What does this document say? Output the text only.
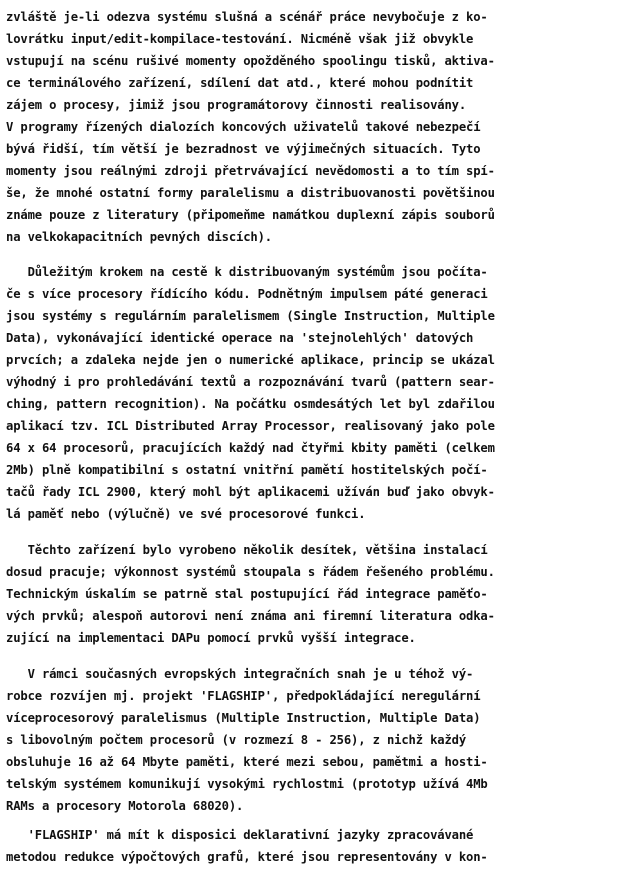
zvláště je-li odezva systému slušná a scénář práce nevybočuje z ko-
lovrátku input/edit-kompilace-testování. Nicméně však již obvykle
vstupují na scénu rušivé momenty opožděného spoolingu tisků, aktiva-
ce terminálového zařízení, sdílení dat atd., které mohou podnítit
zájem o procesy, jimiž jsou programátorovy činnosti realisovány.
V programy řízených dialozích koncových uživatelů takové nebezpečí
bývá řidší, tím větší je bezradnost ve výjimečných situacích. Tyto
momenty jsou reálnými zdroji přetrvávající nevědomosti a to tím spí-
še, že mnohé ostatní formy paralelismu a distribuovanosti povětšinou
známe pouze z literatury (připomeňme namátkou duplexní zápis souborů
na velkokapacitních pevných discích).
Důležitým krokem na cestě k distribuovaným systémům jsou počíta-
če s více procesory řídícího kódu. Podnětným impulsem páté generaci
jsou systémy s regulárním paralelismem (Single Instruction, Multiple
Data), vykonávající identické operace na 'stejnolehlých' datových
prvcích; a zdaleka nejde jen o numerické aplikace, princip se ukázal
výhodný i pro prohledávání textů a rozpoznávání tvarů (pattern sear-
ching, pattern recognition). Na počátku osmdesátých let byl zdařilou
aplikací tzv. ICL Distributed Array Processor, realisovaný jako pole
64 x 64 procesorů, pracujících každý nad čtyřmi kbity paměti (celkem
2Mb) plně kompatibilní s ostatní vnitřní pamětí hostitelských počí-
tačů řady ICL 2900, který mohl být aplikacemi užíván buď jako obvyk-
lá paměť nebo (výlučně) ve své procesorové funkci.
Těchto zařízení bylo vyrobeno několik desítek, většina instalací
dosud pracuje; výkonnost systémů stoupala s řádem řešeného problému.
Technickým úskalím se patrně stal postupující řád integrace paměťo-
vých prvků; alespoň autorovi není známa ani firemní literatura odka-
zující na implementaci DAPu pomocí prvků vyšší integrace.
V rámci současných evropských integračních snah je u téhož vý-
robce rozvíjen mj. projekt 'FLAGSHIP', předpokládající neregulární
víceprocesorový paralelismus (Multiple Instruction, Multiple Data)
s libovolným počtem procesorů (v rozmezí 8 - 256), z nichž každý
obsluhuje 16 až 64 Mbyte paměti, které mezi sebou, pamětmi a hosti-
telským systémem komunikují vysokými rychlostmi (prototyp užívá 4Mb
RAMs a procesory Motorola 68020).
'FLAGSHIP' má mít k disposici deklarativní jazyky zpracovávané
metodou redukce výpočtových grafů, které jsou representovány v kon-
